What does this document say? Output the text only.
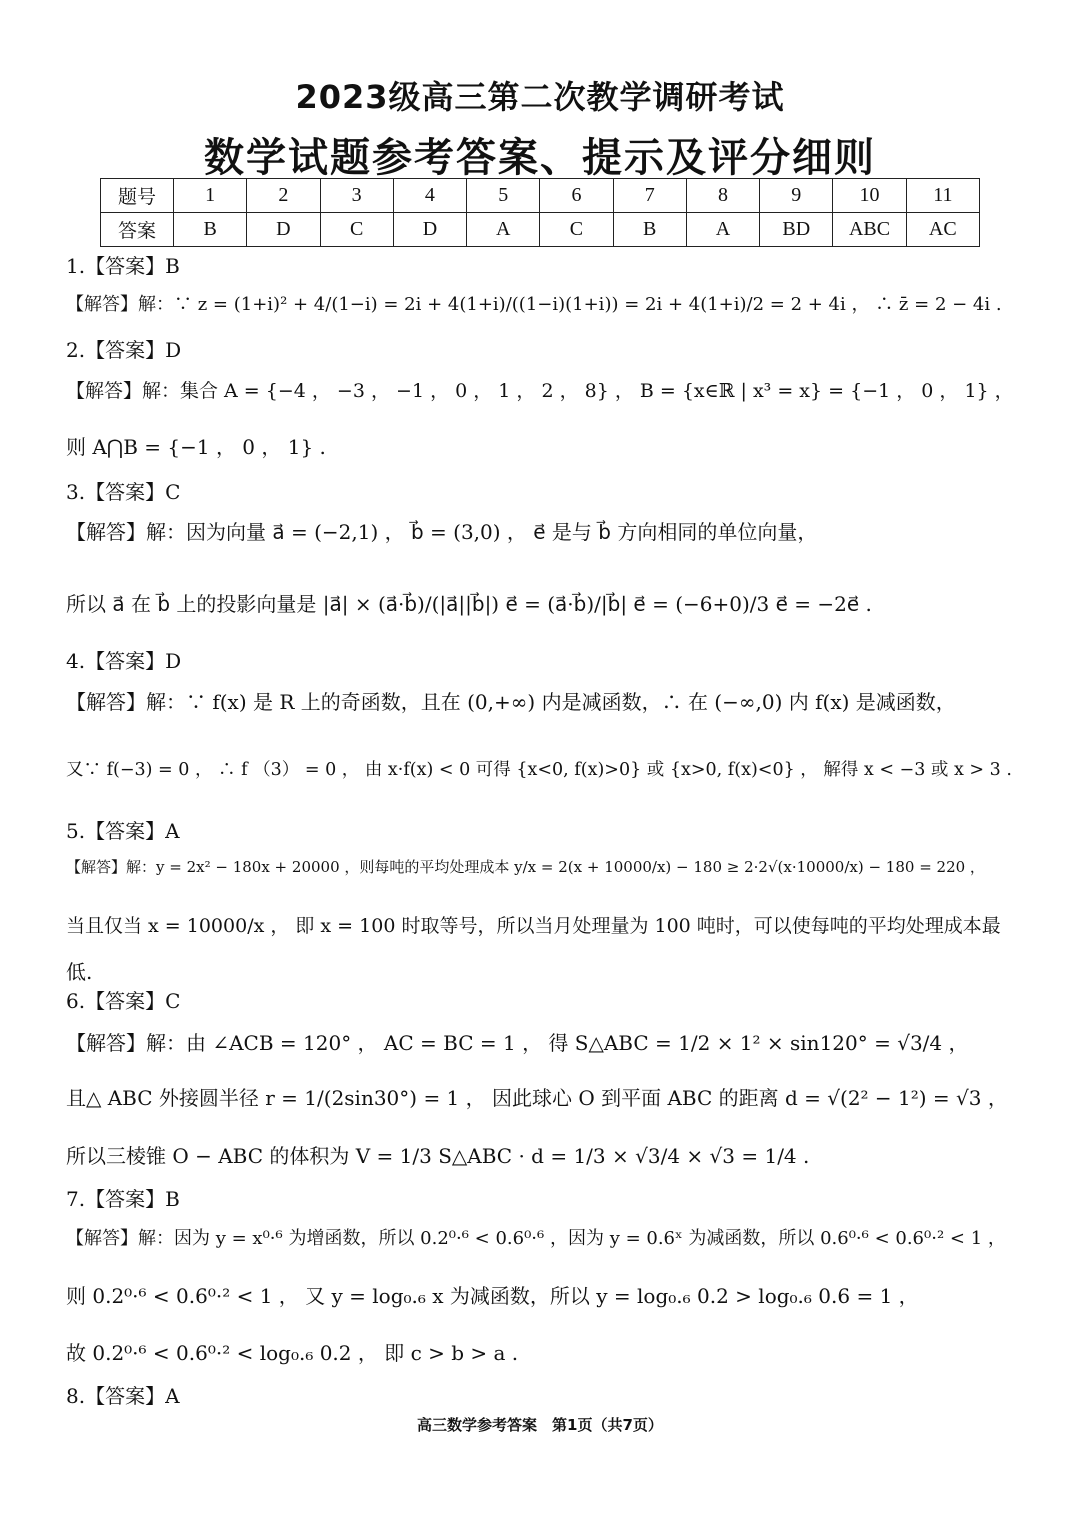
2023级高三第二次教学调研考试
数学试题参考答案、提示及评分细则
题号	1	2	3	4	5	6	7	8	9	10	11
答案	B	D	C	D	A	C	B	A	BD	ABC	AC
1.【答案】B
【解答】解：∵ z = (1+i)² + 4/(1−i) = 2i + 4(1+i)/((1−i)(1+i)) = 2i + 4(1+i)/2 = 2 + 4i ， ∴ z̄ = 2 − 4i .
2.【答案】D
【解答】解：集合 A = {−4 ， −3 ， −1 ， 0 ， 1 ， 2 ， 8} ， B = {x∈ℝ | x³ = x} = {−1 ， 0 ， 1} ，
则 A⋂B = {−1 ， 0 ， 1} .
3.【答案】C
【解答】解：因为向量 a⃗ = (−2,1) ， b⃗ = (3,0) ， e⃗ 是与 b⃗ 方向相同的单位向量，
所以 a⃗ 在 b⃗ 上的投影向量是 |a⃗| × (a⃗·b⃗)/(|a⃗||b⃗|) e⃗ = (a⃗·b⃗)/|b⃗| e⃗ = (−6+0)/3 e⃗ = −2e⃗ .
4.【答案】D
【解答】解：∵ f(x) 是 R 上的奇函数，且在 (0,+∞) 内是减函数，∴ 在 (−∞,0) 内 f(x) 是减函数，
又∵ f(−3) = 0 ， ∴ f （3） = 0 ， 由 x·f(x) < 0 可得 {x<0, f(x)>0} 或 {x>0, f(x)<0} ， 解得 x < −3 或 x > 3 .
5.【答案】A
【解答】解：y = 2x² − 180x + 20000 ，则每吨的平均处理成本 y/x = 2(x + 10000/x) − 180 ≥ 2·2√(x·10000/x) − 180 = 220 ，
当且仅当 x = 10000/x ， 即 x = 100 时取等号，所以当月处理量为 100 吨时，可以使每吨的平均处理成本最
低.
6.【答案】C
【解答】解：由 ∠ACB = 120° ， AC = BC = 1 ， 得 S△ABC = 1/2 × 1² × sin120° = √3/4 ，
且△ ABC 外接圆半径 r = 1/(2sin30°) = 1 ， 因此球心 O 到平面 ABC 的距离 d = √(2² − 1²) = √3 ，
所以三棱锥 O − ABC 的体积为 V = 1/3 S△ABC · d = 1/3 × √3/4 × √3 = 1/4 .
7.【答案】B
【解答】解：因为 y = x⁰·⁶ 为增函数，所以 0.2⁰·⁶ < 0.6⁰·⁶ ，因为 y = 0.6ˣ 为减函数，所以 0.6⁰·⁶ < 0.6⁰·² < 1 ，
则 0.2⁰·⁶ < 0.6⁰·² < 1 ， 又 y = log₀.₆ x 为减函数，所以 y = log₀.₆ 0.2 > log₀.₆ 0.6 = 1 ，
故 0.2⁰·⁶ < 0.6⁰·² < log₀.₆ 0.2 ， 即 c > b > a .
8.【答案】A
高三数学参考答案　第1页（共7页）
